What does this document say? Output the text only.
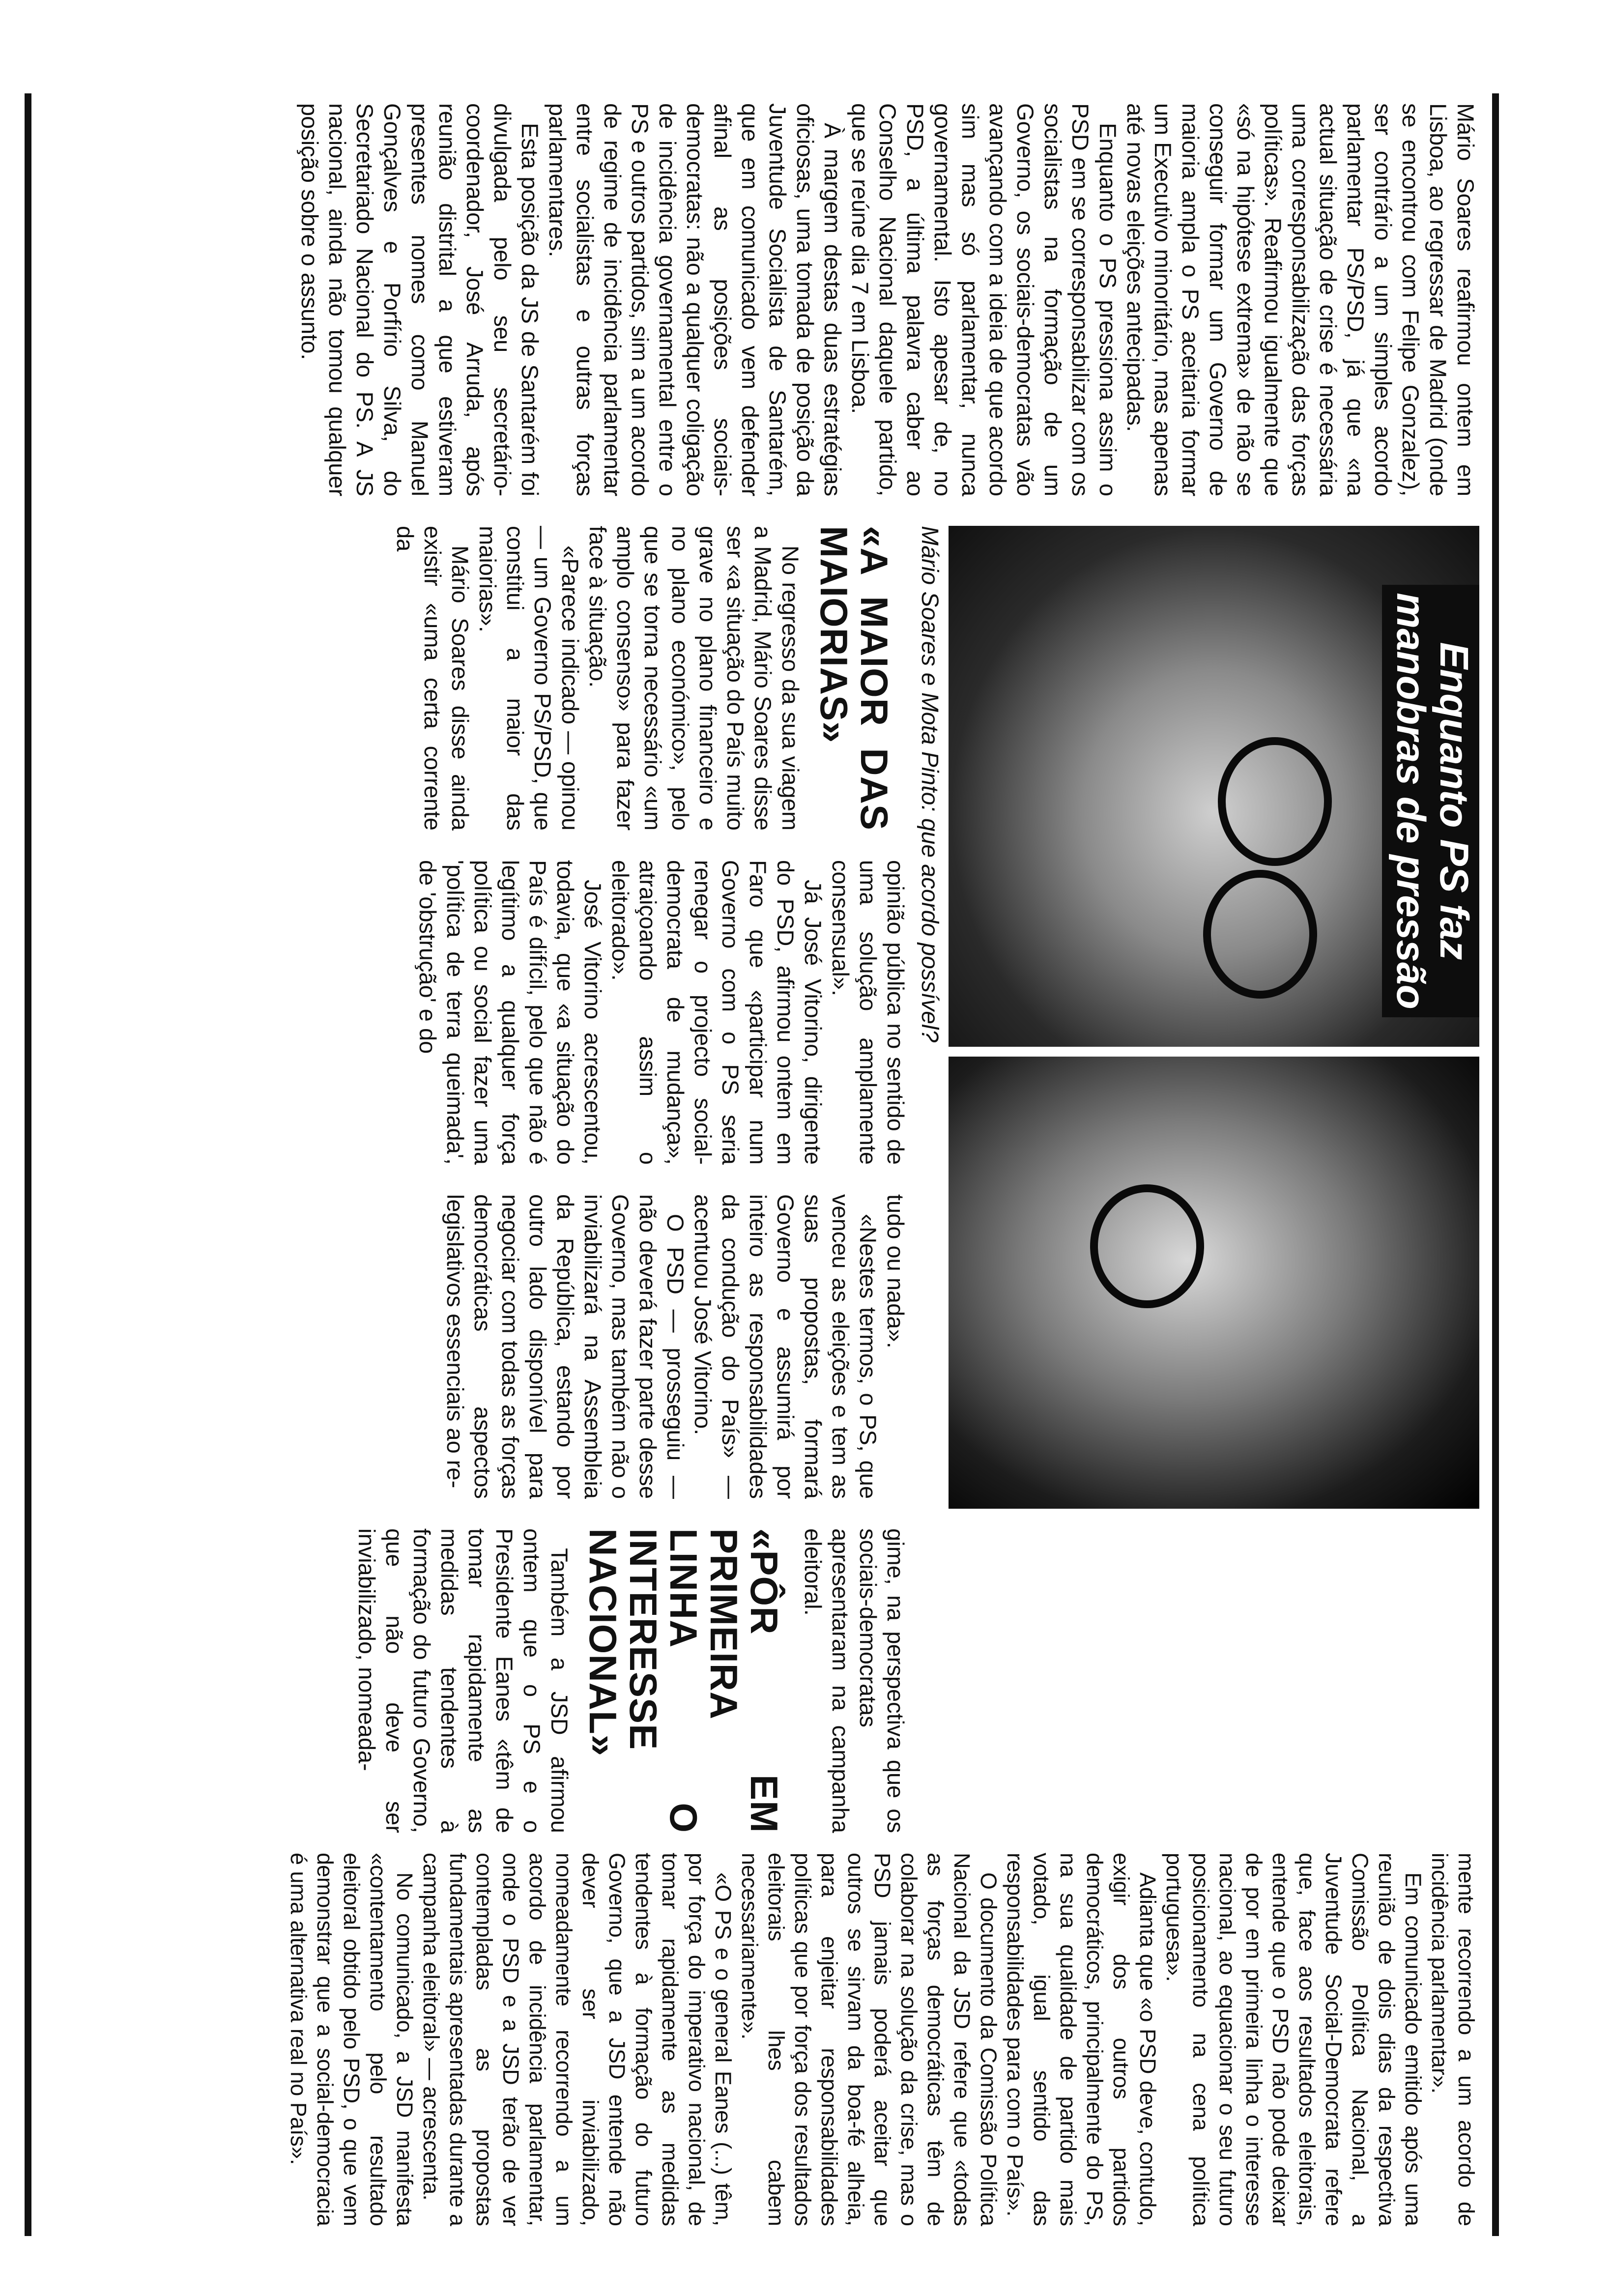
Mário Soares reafirmou ontem em Lisboa, ao regressar de Madrid (onde se encontrou com Felipe Gonzalez), ser contrário a um simples acordo parlamentar PS/PSD, já que «na actual situação de crise é necessária uma corresponsabilização das forças políticas». Reafirmou igualmente que «só na hipótese extrema» de não se conseguir formar um Governo de maioria ampla o PS aceitaria formar um Executivo minoritário, mas apenas até novas eleições antecipadas.

Enquanto o PS pressiona assim o PSD em se corresponsabilizar com os socialistas na formação de um Governo, os sociais-democratas vão avançando com a ideia de que acordo sim mas só parlamentar, nunca governamental. Isto apesar de, no PSD, a última palavra caber ao Conselho Nacional daquele partido, que se reúne dia 7 em Lisboa.

À margem destas duas estratégias oficiosas, uma tomada de posição da Juventude Socialista de Santarém, que em comunicado vem defender afinal as posições sociais-democratas: não a qualquer coligação de incidência governamental entre o PS e outros partidos, sim a um acordo de regime de incidência parlamentar entre socialistas e outras forças parlamentares.

Esta posição da JS de Santarém foi divulgada pelo seu secretário-coordenador, José Arruda, após reunião distrital a que estiveram presentes nomes como Manuel Gonçalves e Porfírio Silva, do Secretariado Nacional do PS. A JS nacional, ainda não tomou qualquer posição sobre o assunto.

Enquanto PS faz manobras de pressão
Mário Soares e Mota Pinto: que acordo possível?
«A MAIOR DAS MAIORIAS»

No regresso da sua viagem a Madrid, Mário Soares disse ser «a situação do País muito grave no plano financeiro e no plano económico», pelo que se torna necessário «um amplo consenso» para fazer face à situação.

«Parece indicado — opinou — um Governo PS/PSD, que constitui a maior das maiorias».

Mário Soares disse ainda existir «uma certa corrente da

opinião pública no sentido de uma solução amplamente consensual».

Já José Vitorino, dirigente do PSD, afirmou ontem em Faro que «participar num Governo com o PS seria renegar o projecto social-democrata de mudança», atraiçoando assim o eleitorado».

José Vitorino acrescentou, todavia, que «a situação do País é difícil, pelo que não é legítimo a qualquer força política ou social fazer uma 'política de terra queimada', de 'obstrução' e do

tudo ou nada».

«Nestes termos, o PS, que venceu as eleições e tem as suas propostas, formará Governo e assumirá por inteiro as responsabilidades da condução do País» — acentuou José Vitorino.

O PSD — prosseguiu — não deverá fazer parte desse Governo, mas também não o inviabilizará na Assembleia da República, estando por outro lado disponível para negociar com todas as forças democráticas aspectos legislativos essenciais ao re-

gime, na perspectiva que os sociais-democratas apresentaram na campanha eleitoral.

«PÔR EM PRIMEIRA LINHA O INTERESSE NACIONAL»

Também a JSD afirmou ontem que o PS e o Presidente Eanes «têm de tomar rapidamente as medidas tendentes à formação do futuro Governo, que não deve ser inviabilizado, nomeada-

mente recorrendo a um acordo de incidência parlamentar».

Em comunicado emitido após uma reunião de dois dias da respectiva Comissão Política Nacional, a Juventude Social-Democrata refere que, face aos resultados eleitorais, entende que o PSD não pode deixar de por em primeira linha o interesse nacional, ao equacionar o seu futuro posicionamento na cena política portuguesa».

Adianta que «o PSD deve, contudo, exigir dos outros partidos democráticos, principalmente do PS, na sua qualidade de partido mais votado, igual sentido das responsabilidades para com o País».

O documento da Comissão Política Nacional da JSD refere que «todas as forças democráticas têm de colaborar na solução da crise, mas o PSD jamais poderá aceitar que outros se sirvam da boa-fé alheia, para enjeitar responsabilidades políticas que por força dos resultados eleitorais lhes cabem necessariamente».

«O PS e o general Eanes (...) têm, por força do imperativo nacional, de tomar rapidamente as medidas tendentes à formação do futuro Governo, que a JSD entende não dever ser inviabilizado, nomeadamente recorrendo a um acordo de incidência parlamentar, onde o PSD e a JSD terão de ver contempladas as propostas fundamentais apresentadas durante a campanha eleitoral» — acrescenta.

No comunicado, a JSD manifesta «contentamento pelo resultado eleitoral obtido pelo PSD, o que vem demonstrar que a social-democracia é uma alternativa real no País».
